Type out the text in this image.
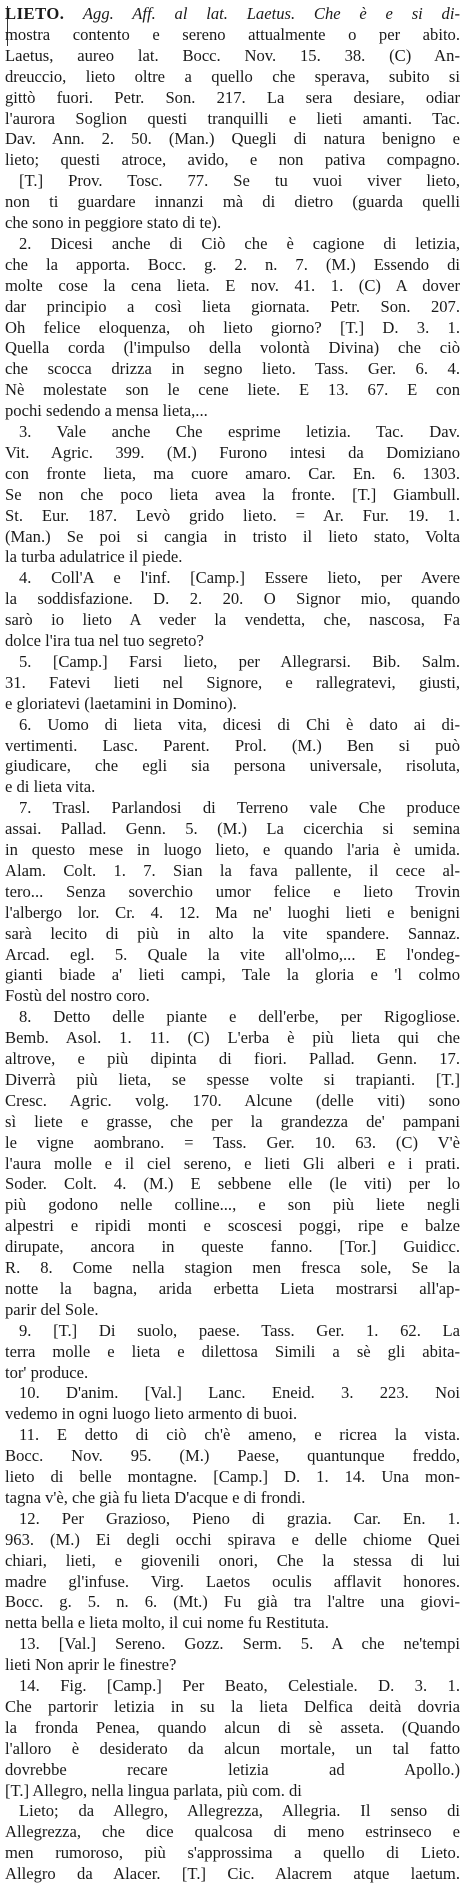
LIETO. Agg. Aff. al lat. Laetus. Che è e si di-
mostra contento e sereno attualmente o per abito.
Laetus, aureo lat. Bocc. Nov. 15. 38. (C) An-
dreuccio, lieto oltre a quello che sperava, subito si
gittò fuori. Petr. Son. 217. La sera desiare, odiar
l'aurora Soglion questi tranquilli e lieti amanti. Tac.
Dav. Ann. 2. 50. (Man.) Quegli di natura benigno e
lieto; questi atroce, avido, e non pativa compagno.
[T.] Prov. Tosc. 77. Se tu vuoi viver lieto,
non ti guardare innanzi mà di dietro (guarda quelli
che sono in peggiore stato di te).
2. Dicesi anche di Ciò che è cagione di letizia,
che la apporta. Bocc. g. 2. n. 7. (M.) Essendo di
molte cose la cena lieta. E nov. 41. 1. (C) A dover
dar principio a così lieta giornata. Petr. Son. 207.
Oh felice eloquenza, oh lieto giorno? [T.] D. 3. 1.
Quella corda (l'impulso della volontà Divina) che ciò
che scocca drizza in segno lieto. Tass. Ger. 6. 4.
Nè molestate son le cene liete. E 13. 67. E con
pochi sedendo a mensa lieta,...
3. Vale anche Che esprime letizia. Tac. Dav.
Vit. Agric. 399. (M.) Furono intesi da Domiziano
con fronte lieta, ma cuore amaro. Car. En. 6. 1303.
Se non che poco lieta avea la fronte. [T.] Giambull.
St. Eur. 187. Levò grido lieto. = Ar. Fur. 19. 1.
(Man.) Se poi si cangia in tristo il lieto stato, Volta
la turba adulatrice il piede.
4. Coll'A e l'inf. [Camp.] Essere lieto, per Avere
la soddisfazione. D. 2. 20. O Signor mio, quando
sarò io lieto A veder la vendetta, che, nascosa, Fa
dolce l'ira tua nel tuo segreto?
5. [Camp.] Farsi lieto, per Allegrarsi. Bib. Salm.
31. Fatevi lieti nel Signore, e rallegratevi, giusti,
e gloriatevi (laetamini in Domino).
6. Uomo di lieta vita, dicesi di Chi è dato ai di-
vertimenti. Lasc. Parent. Prol. (M.) Ben si può
giudicare, che egli sia persona universale, risoluta,
e di lieta vita.
7. Trasl. Parlandosi di Terreno vale Che produce
assai. Pallad. Genn. 5. (M.) La cicerchia si semina
in questo mese in luogo lieto, e quando l'aria è umida.
Alam. Colt. 1. 7. Sian la fava pallente, il cece al-
tero... Senza soverchio umor felice e lieto Trovin
l'albergo lor. Cr. 4. 12. Ma ne' luoghi lieti e benigni
sarà lecito di più in alto la vite spandere. Sannaz.
Arcad. egl. 5. Quale la vite all'olmo,... E l'ondeg-
gianti biade a' lieti campi, Tale la gloria e 'l colmo
Fostù del nostro coro.
8. Detto delle piante e dell'erbe, per Rigogliose.
Bemb. Asol. 1. 11. (C) L'erba è più lieta qui che
altrove, e più dipinta di fiori. Pallad. Genn. 17.
Diverrà più lieta, se spesse volte si trapianti. [T.]
Cresc. Agric. volg. 170. Alcune (delle viti) sono
sì liete e grasse, che per la grandezza de' pampani
le vigne aombrano. = Tass. Ger. 10. 63. (C) V'è
l'aura molle e il ciel sereno, e lieti Gli alberi e i prati.
Soder. Colt. 4. (M.) E sebbene elle (le viti) per lo
più godono nelle colline..., e son più liete negli
alpestri e ripidi monti e scoscesi poggi, ripe e balze
dirupate, ancora in queste fanno. [Tor.] Guidicc.
R. 8. Come nella stagion men fresca sole, Se la
notte la bagna, arida erbetta Lieta mostrarsi all'ap-
parir del Sole.
9. [T.] Di suolo, paese. Tass. Ger. 1. 62. La
terra molle e lieta e dilettosa Simili a sè gli abita-
tor' produce.
10. D'anim. [Val.] Lanc. Eneid. 3. 223. Noi
vedemo in ogni luogo lieto armento di buoi.
11. E detto di ciò ch'è ameno, e ricrea la vista.
Bocc. Nov. 95. (M.) Paese, quantunque freddo,
lieto di belle montagne. [Camp.] D. 1. 14. Una mon-
tagna v'è, che già fu lieta D'acque e di frondi.
12. Per Grazioso, Pieno di grazia. Car. En. 1.
963. (M.) Ei degli occhi spirava e delle chiome Quei
chiari, lieti, e giovenili onori, Che la stessa di lui
madre gl'infuse. Virg. Laetos oculis afflavit honores.
Bocc. g. 5. n. 6. (Mt.) Fu già tra l'altre una giovi-
netta bella e lieta molto, il cui nome fu Restituta.
13. [Val.] Sereno. Gozz. Serm. 5. A che ne'tempi
lieti Non aprir le finestre?
14. Fig. [Camp.] Per Beato, Celestiale. D. 3. 1.
Che partorir letizia in su la lieta Delfica deità dovria
la fronda Penea, quando alcun di sè asseta. (Quando
l'alloro è desiderato da alcun mortale, un tal fatto
dovrebbe recare letizia ad Apollo.)
[T.] Allegro, nella lingua parlata, più com. di
Lieto; da Allegro, Allegrezza, Allegria. Il senso di
Allegrezza, che dice qualcosa di meno estrinseco e
men rumoroso, più s'approssima a quello di Lieto.
Allegro da Alacer. [T.] Cic. Alacrem atque laetum.
